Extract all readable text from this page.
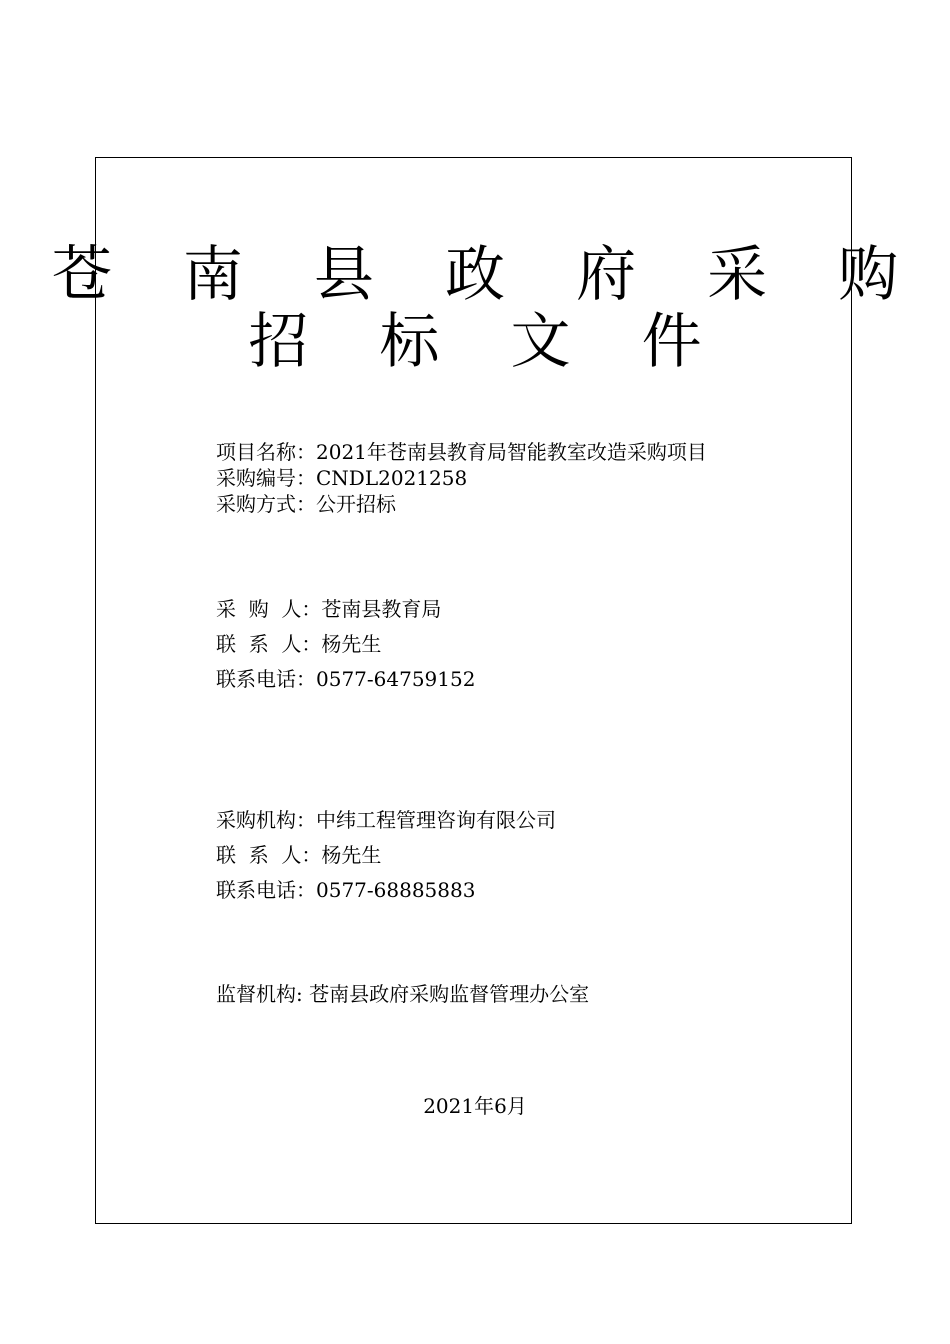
苍 南 县 政 府 采 购
招 标 文 件
项目名称：2021年苍南县教育局智能教室改造采购项目
采购编号：CNDL2021258
采购方式：公开招标
采  购  人：苍南县教育局
联  系  人：杨先生
联系电话：0577-64759152
采购机构：中纬工程管理咨询有限公司
联  系  人：杨先生
联系电话：0577-68885883
监督机构: 苍南县政府采购监督管理办公室
2021年6月
